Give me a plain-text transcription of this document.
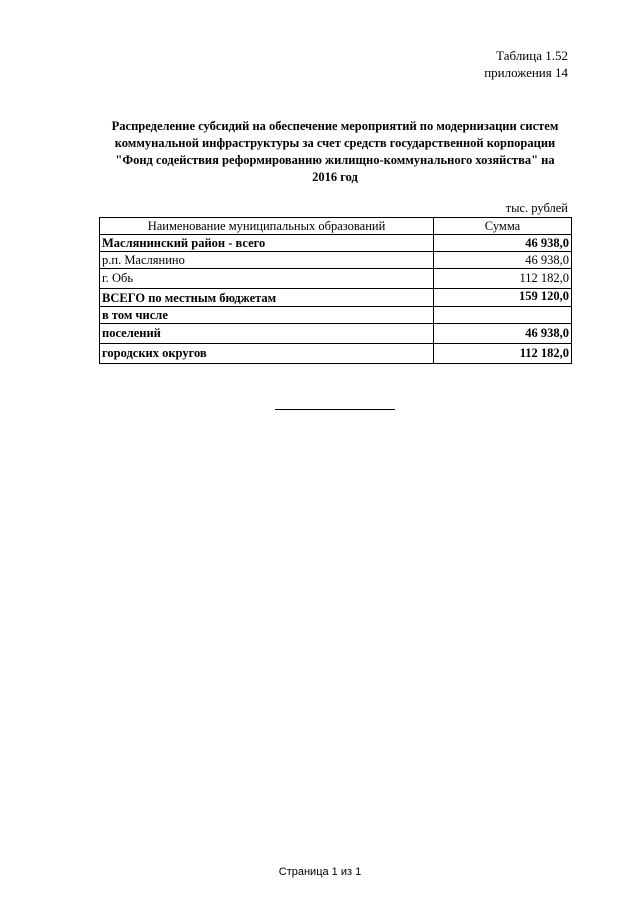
Таблица 1.52
приложения 14
Распределение субсидий на обеспечение мероприятий по модернизации систем
коммунальной инфраструктуры за счет средств государственной корпорации
"Фонд содействия реформированию жилищно-коммунального хозяйства" на
2016 год
тыс. рублей
Наименование муниципальных образований	Сумма
Маслянинский район - всего	46 938,0
р.п. Маслянино	46 938,0
г. Обь	112 182,0
ВСЕГО по местным бюджетам	159 120,0
в том числе	
поселений	46 938,0
городских округов	112 182,0
Страница 1 из 1
